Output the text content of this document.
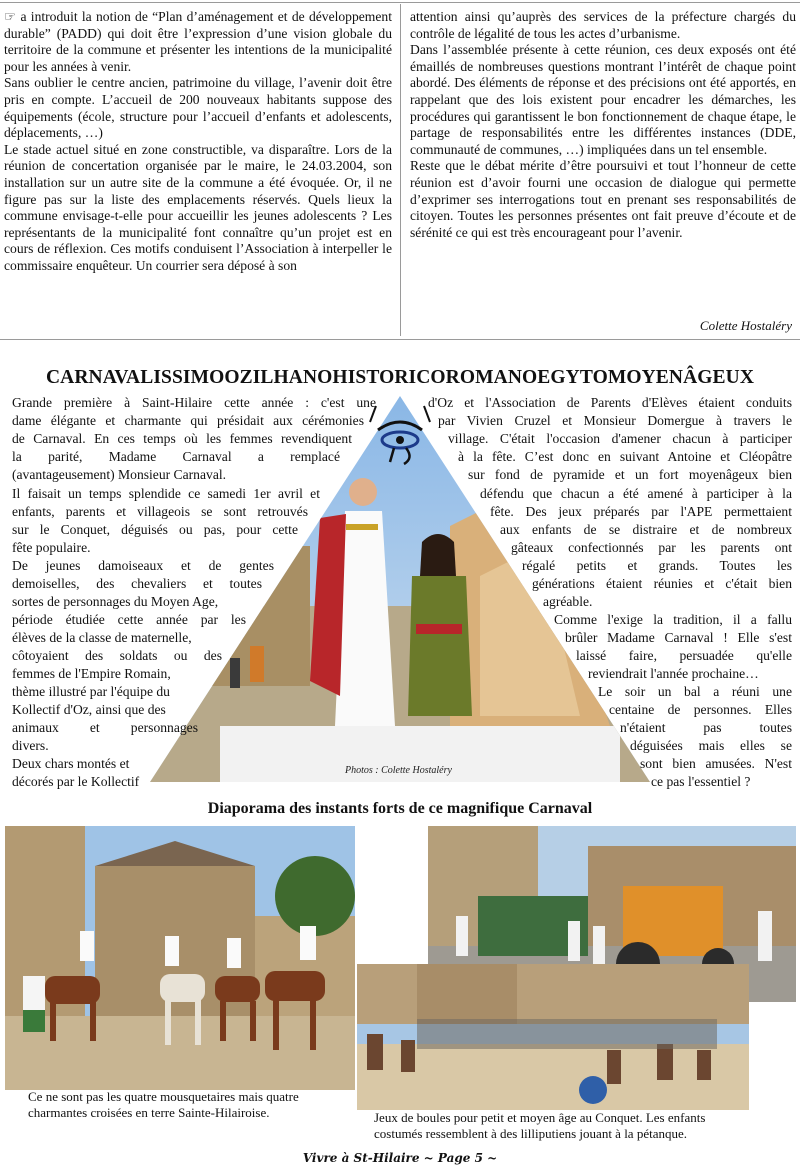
☞ a introduit la notion de “Plan d’aménagement et de développement durable” (PADD) qui doit être l’expression d’une vision globale du territoire de la commune et présenter les intentions de la municipalité pour les années à venir.

Sans oublier le centre ancien, patrimoine du village, l’avenir doit être pris en compte. L’accueil de 200 nouveaux habitants suppose des équipements (école, structure pour l’accueil d’enfants et adolescents, déplacements, …)

Le stade actuel situé en zone constructible, va disparaître. Lors de la réunion de concertation organisée par le maire, le 24.03.2004, son installation sur un autre site de la commune a été évoquée. Or, il ne figure pas sur la liste des emplacements réservés. Quels lieux la commune envisage-t-elle pour accueillir les jeunes adolescents ? Les représentants de la municipalité font connaître qu’un projet est en cours de réflexion. Ces motifs conduisent l’Association à interpeller le commissaire enquêteur. Un courrier sera déposé à son

attention ainsi qu’auprès des services de la préfecture chargés du contrôle de légalité de tous les actes d’urbanisme.

Dans l’assemblée présente à cette réunion, ces deux exposés ont été émaillés de nombreuses questions montrant l’intérêt de chaque point abordé. Des éléments de réponse et des précisions ont été apportés, en rappelant que des lois existent pour encadrer les démarches, les procédures qui garantissent le bon fonctionnement de chaque étape, le partage de responsabilités entre les différentes instances (DDE, communauté de communes, …) impliquées dans un tel ensemble.

Reste que le débat mérite d’être poursuivi et tout l’honneur de cette réunion est d’avoir fourni une occasion de dialogue qui permette d’exprimer ses interrogations tout en prenant ses responsabilités de citoyen. Toutes les personnes présentes ont fait preuve d’écoute et de sérénité ce qui est très encourageant pour l’avenir.

Colette Hostaléry
CARNAVALISSIMOOZILHANOHISTORICOROMANOEGYTOMOYENÂGEUX
Photos : Colette Hostaléry
Grande première à Saint-Hilaire cette année : c'est une
dame élégante et charmante qui présidait aux cérémonies
de Carnaval. En ces temps où les femmes revendiquent
la parité, Madame Carnaval a remplacé
(avantageusement) Monsieur Carnaval.
Il faisait un temps splendide ce samedi 1er avril et
enfants, parents et villageois se sont retrouvés
sur le Conquet, déguisés ou pas, pour cette
fête populaire.
De jeunes damoiseaux et de gentes
demoiselles, des chevaliers et toutes
sortes de personnages du Moyen Age,
période étudiée cette année par les
élèves de la classe de maternelle,
côtoyaient des soldats ou des
femmes de l'Empire Romain,
thème illustré par l'équipe du
Kollectif d'Oz, ainsi que des
animaux et personnages
divers.
Deux chars montés et
décorés par le Kollectif
d'Oz et l'Association de Parents d'Elèves étaient conduits
par Vivien Cruzel et Monsieur Domergue à travers le
village. C'était l'occasion d'amener chacun à participer
à la fête. C’est donc en suivant Antoine et Cléopâtre
sur fond de pyramide et un fort moyenâgeux bien
défendu que chacun a été amené à participer à la
fête. Des jeux préparés par l'APE permettaient
aux enfants de se distraire et de nombreux
gâteaux confectionnés par les parents ont
régalé petits et grands. Toutes les
générations étaient réunies et c'était bien
agréable.
Comme l'exige la tradition, il a fallu
brûler Madame Carnaval ! Elle s'est
laissé faire, persuadée qu'elle
reviendrait l'année prochaine…
Le soir un bal a réuni une
centaine de personnes. Elles
n'étaient pas toutes
déguisées mais elles se
sont bien amusées. N'est
ce pas l'essentiel ?
Diaporama des instants forts de ce magnifique Carnaval
Ce ne sont pas les quatre mousquetaires mais quatre charmantes croisées en terre Sainte-Hilairoise.	Jeux de boules pour petit et moyen âge au Conquet. Les enfants costumés ressemblent à des lilliputiens jouant à la pétanque.
Vivre à St-Hilaire ~ Page 5 ~
